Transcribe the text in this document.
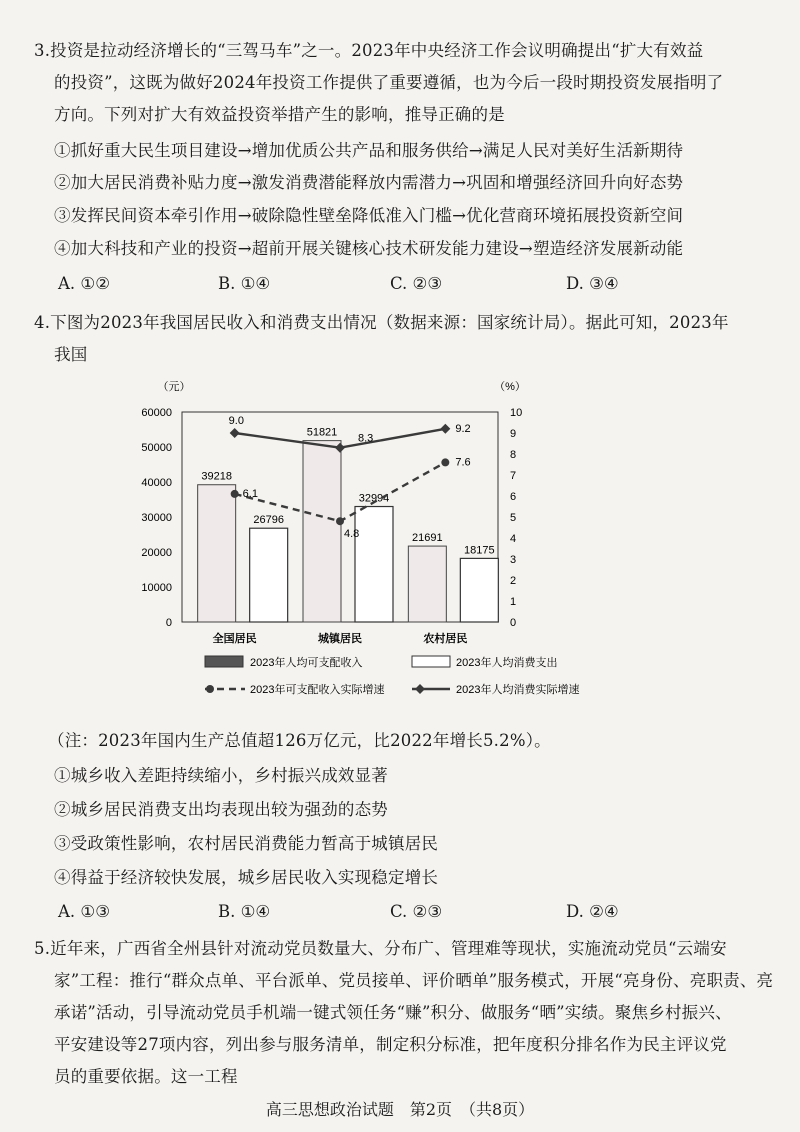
3.投资是拉动经济增长的“三驾马车”之一。2023年中央经济工作会议明确提出“扩大有效益
的投资”，这既为做好2024年投资工作提供了重要遵循，也为今后一段时期投资发展指明了
方向。下列对扩大有效益投资举措产生的影响，推导正确的是
①抓好重大民生项目建设→增加优质公共产品和服务供给→满足人民对美好生活新期待
②加大居民消费补贴力度→激发消费潜能释放内需潜力→巩固和增强经济回升向好态势
③发挥民间资本牵引作用→破除隐性壁垒降低准入门槛→优化营商环境拓展投资新空间
④加大科技和产业的投资→超前开展关键核心技术研发能力建设→塑造经济发展新动能
A. ①②	B. ①④	C. ②③	D. ③④
4.下图为2023年我国居民收入和消费支出情况（数据来源：国家统计局）。据此可知，2023年
我国
（元）	（%）
0
10000
20000
30000
40000
50000
60000
0
1
2
3
4
5
6
7
8
9
10
39218
26796
全国居民
51821
32994
城镇居民
21691
18175
农村居民
6.1
4.8
7.6
9.0
8.3
9.2
2023年人均可支配收入	2023年人均消费支出
2023年可支配收入实际增速	2023年人均消费实际增速
（注：2023年国内生产总值超126万亿元，比2022年增长5.2%）。
①城乡收入差距持续缩小，乡村振兴成效显著
②城乡居民消费支出均表现出较为强劲的态势
③受政策性影响，农村居民消费能力暂高于城镇居民
④得益于经济较快发展，城乡居民收入实现稳定增长
A. ①③	B. ①④	C. ②③	D. ②④
5.近年来，广西省全州县针对流动党员数量大、分布广、管理难等现状，实施流动党员“云端安
家”工程：推行“群众点单、平台派单、党员接单、评价晒单”服务模式，开展“亮身份、亮职责、亮
承诺”活动，引导流动党员手机端一键式领任务“赚”积分、做服务“晒”实绩。聚焦乡村振兴、
平安建设等27项内容，列出参与服务清单，制定积分标准，把年度积分排名作为民主评议党
员的重要依据。这一工程
高三思想政治试题　第2页　（共8页）
